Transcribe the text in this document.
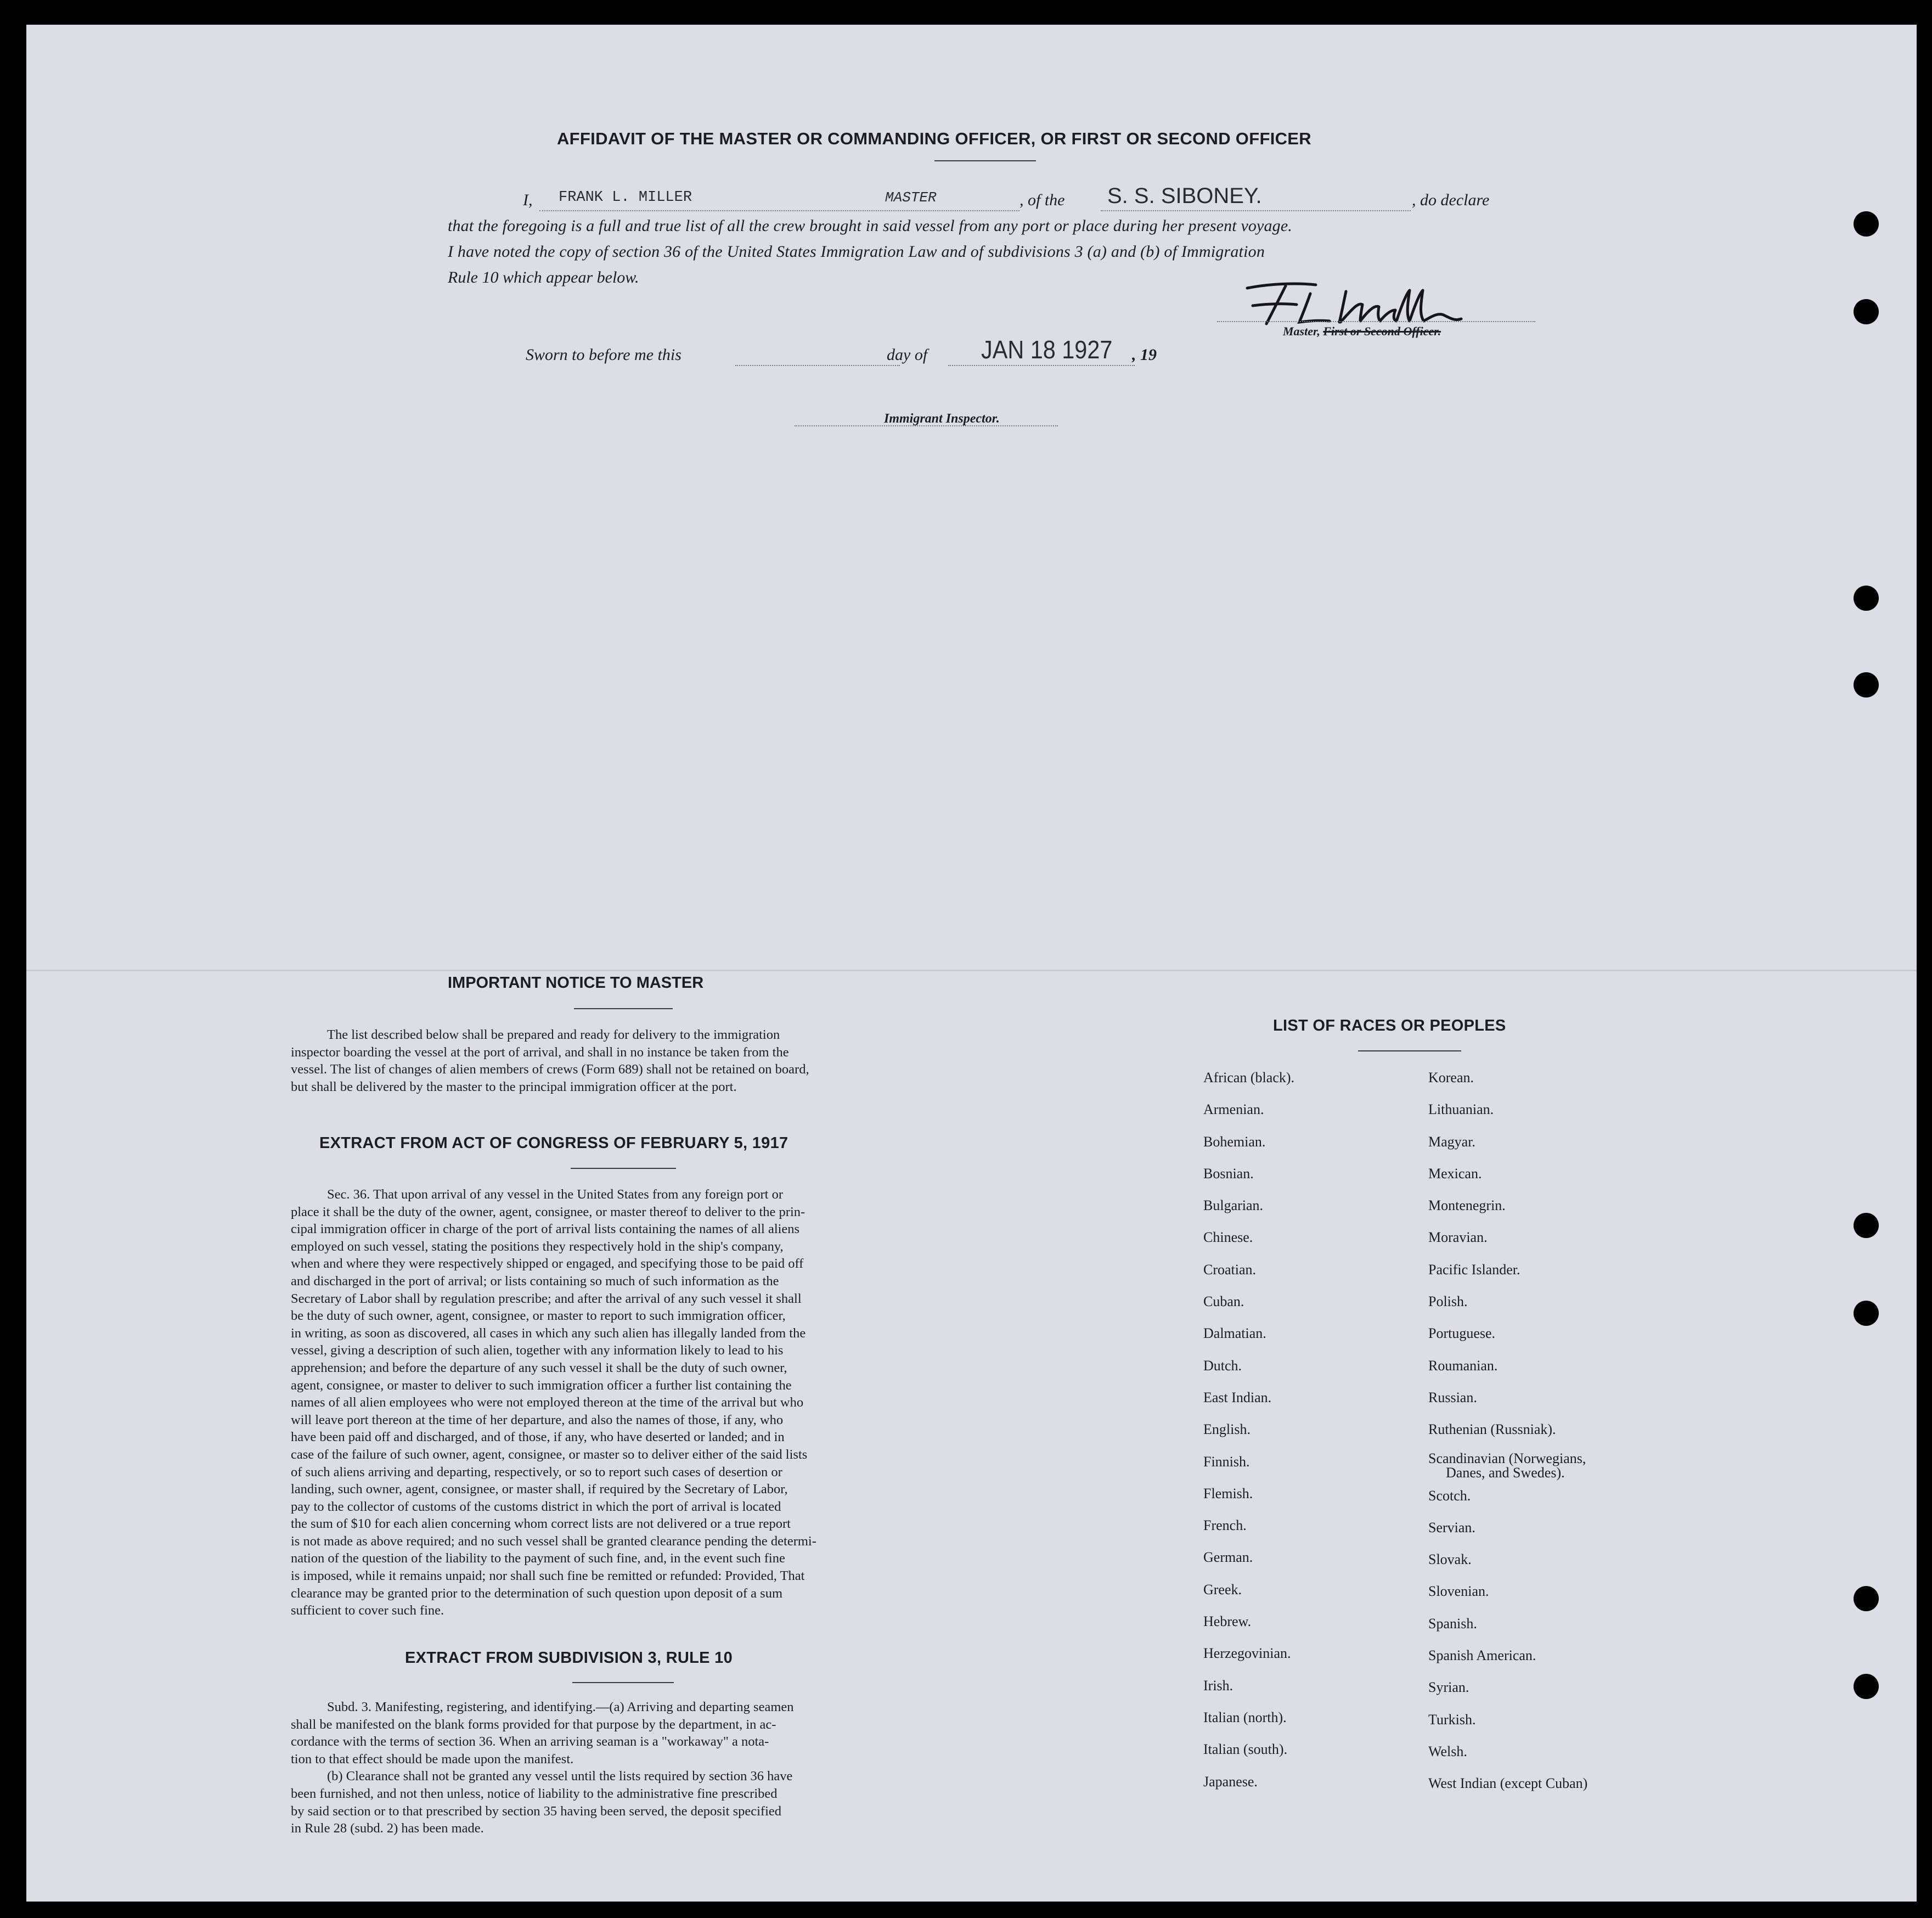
AFFIDAVIT OF THE MASTER OR COMMANDING OFFICER, OR FIRST OR SECOND OFFICER
I, FRANK L. MILLER	MASTER	, of the S. S. SIBONEY.	, do declare
that the foregoing is a full and true list of all the crew brought in said vessel from any port or place during her present voyage.
I have noted the copy of section 36 of the United States Immigration Law and of subdivisions 3 (a) and (b) of Immigration
Rule 10 which appear below.
Master, First or Second Officer.
Sworn to before me this	day of JAN 18 1927 , 19
Immigrant Inspector.
IMPORTANT NOTICE TO MASTER

The list described below shall be prepared and ready for delivery to the immigration

inspector boarding the vessel at the port of arrival, and shall in no instance be taken from the

vessel. The list of changes of alien members of crews (Form 689) shall not be retained on board,

but shall be delivered by the master to the principal immigration officer at the port.

EXTRACT FROM ACT OF CONGRESS OF FEBRUARY 5, 1917

Sec. 36. That upon arrival of any vessel in the United States from any foreign port or

place it shall be the duty of the owner, agent, consignee, or master thereof to deliver to the prin-

cipal immigration officer in charge of the port of arrival lists containing the names of all aliens

employed on such vessel, stating the positions they respectively hold in the ship's company,

when and where they were respectively shipped or engaged, and specifying those to be paid off

and discharged in the port of arrival; or lists containing so much of such information as the

Secretary of Labor shall by regulation prescribe; and after the arrival of any such vessel it shall

be the duty of such owner, agent, consignee, or master to report to such immigration officer,

in writing, as soon as discovered, all cases in which any such alien has illegally landed from the

vessel, giving a description of such alien, together with any information likely to lead to his

apprehension; and before the departure of any such vessel it shall be the duty of such owner,

agent, consignee, or master to deliver to such immigration officer a further list containing the

names of all alien employees who were not employed thereon at the time of the arrival but who

will leave port thereon at the time of her departure, and also the names of those, if any, who

have been paid off and discharged, and of those, if any, who have deserted or landed; and in

case of the failure of such owner, agent, consignee, or master so to deliver either of the said lists

of such aliens arriving and departing, respectively, or so to report such cases of desertion or

landing, such owner, agent, consignee, or master shall, if required by the Secretary of Labor,

pay to the collector of customs of the customs district in which the port of arrival is located

the sum of $10 for each alien concerning whom correct lists are not delivered or a true report

is not made as above required; and no such vessel shall be granted clearance pending the determi-

nation of the question of the liability to the payment of such fine, and, in the event such fine

is imposed, while it remains unpaid; nor shall such fine be remitted or refunded: Provided, That

clearance may be granted prior to the determination of such question upon deposit of a sum

sufficient to cover such fine.

EXTRACT FROM SUBDIVISION 3, RULE 10

Subd. 3. Manifesting, registering, and identifying.—(a) Arriving and departing seamen

shall be manifested on the blank forms provided for that purpose by the department, in ac-

cordance with the terms of section 36. When an arriving seaman is a "workaway" a nota-

tion to that effect should be made upon the manifest.

(b) Clearance shall not be granted any vessel until the lists required by section 36 have

been furnished, and not then unless, notice of liability to the administrative fine prescribed

by said section or to that prescribed by section 35 having been served, the deposit specified

in Rule 28 (subd. 2) has been made.

LIST OF RACES OR PEOPLES
African (black).
Armenian.
Bohemian.
Bosnian.
Bulgarian.
Chinese.
Croatian.
Cuban.
Dalmatian.
Dutch.
East Indian.
English.
Finnish.
Flemish.
French.
German.
Greek.
Hebrew.
Herzegovinian.
Irish.
Italian (north).
Italian (south).
Japanese.
Korean.
Lithuanian.
Magyar.
Mexican.
Montenegrin.
Moravian.
Pacific Islander.
Polish.
Portuguese.
Roumanian.
Russian.
Ruthenian (Russniak).
Scandinavian (Norwegians,
Danes, and Swedes).
Scotch.
Servian.
Slovak.
Slovenian.
Spanish.
Spanish American.
Syrian.
Turkish.
Welsh.
West Indian (except Cuban)
